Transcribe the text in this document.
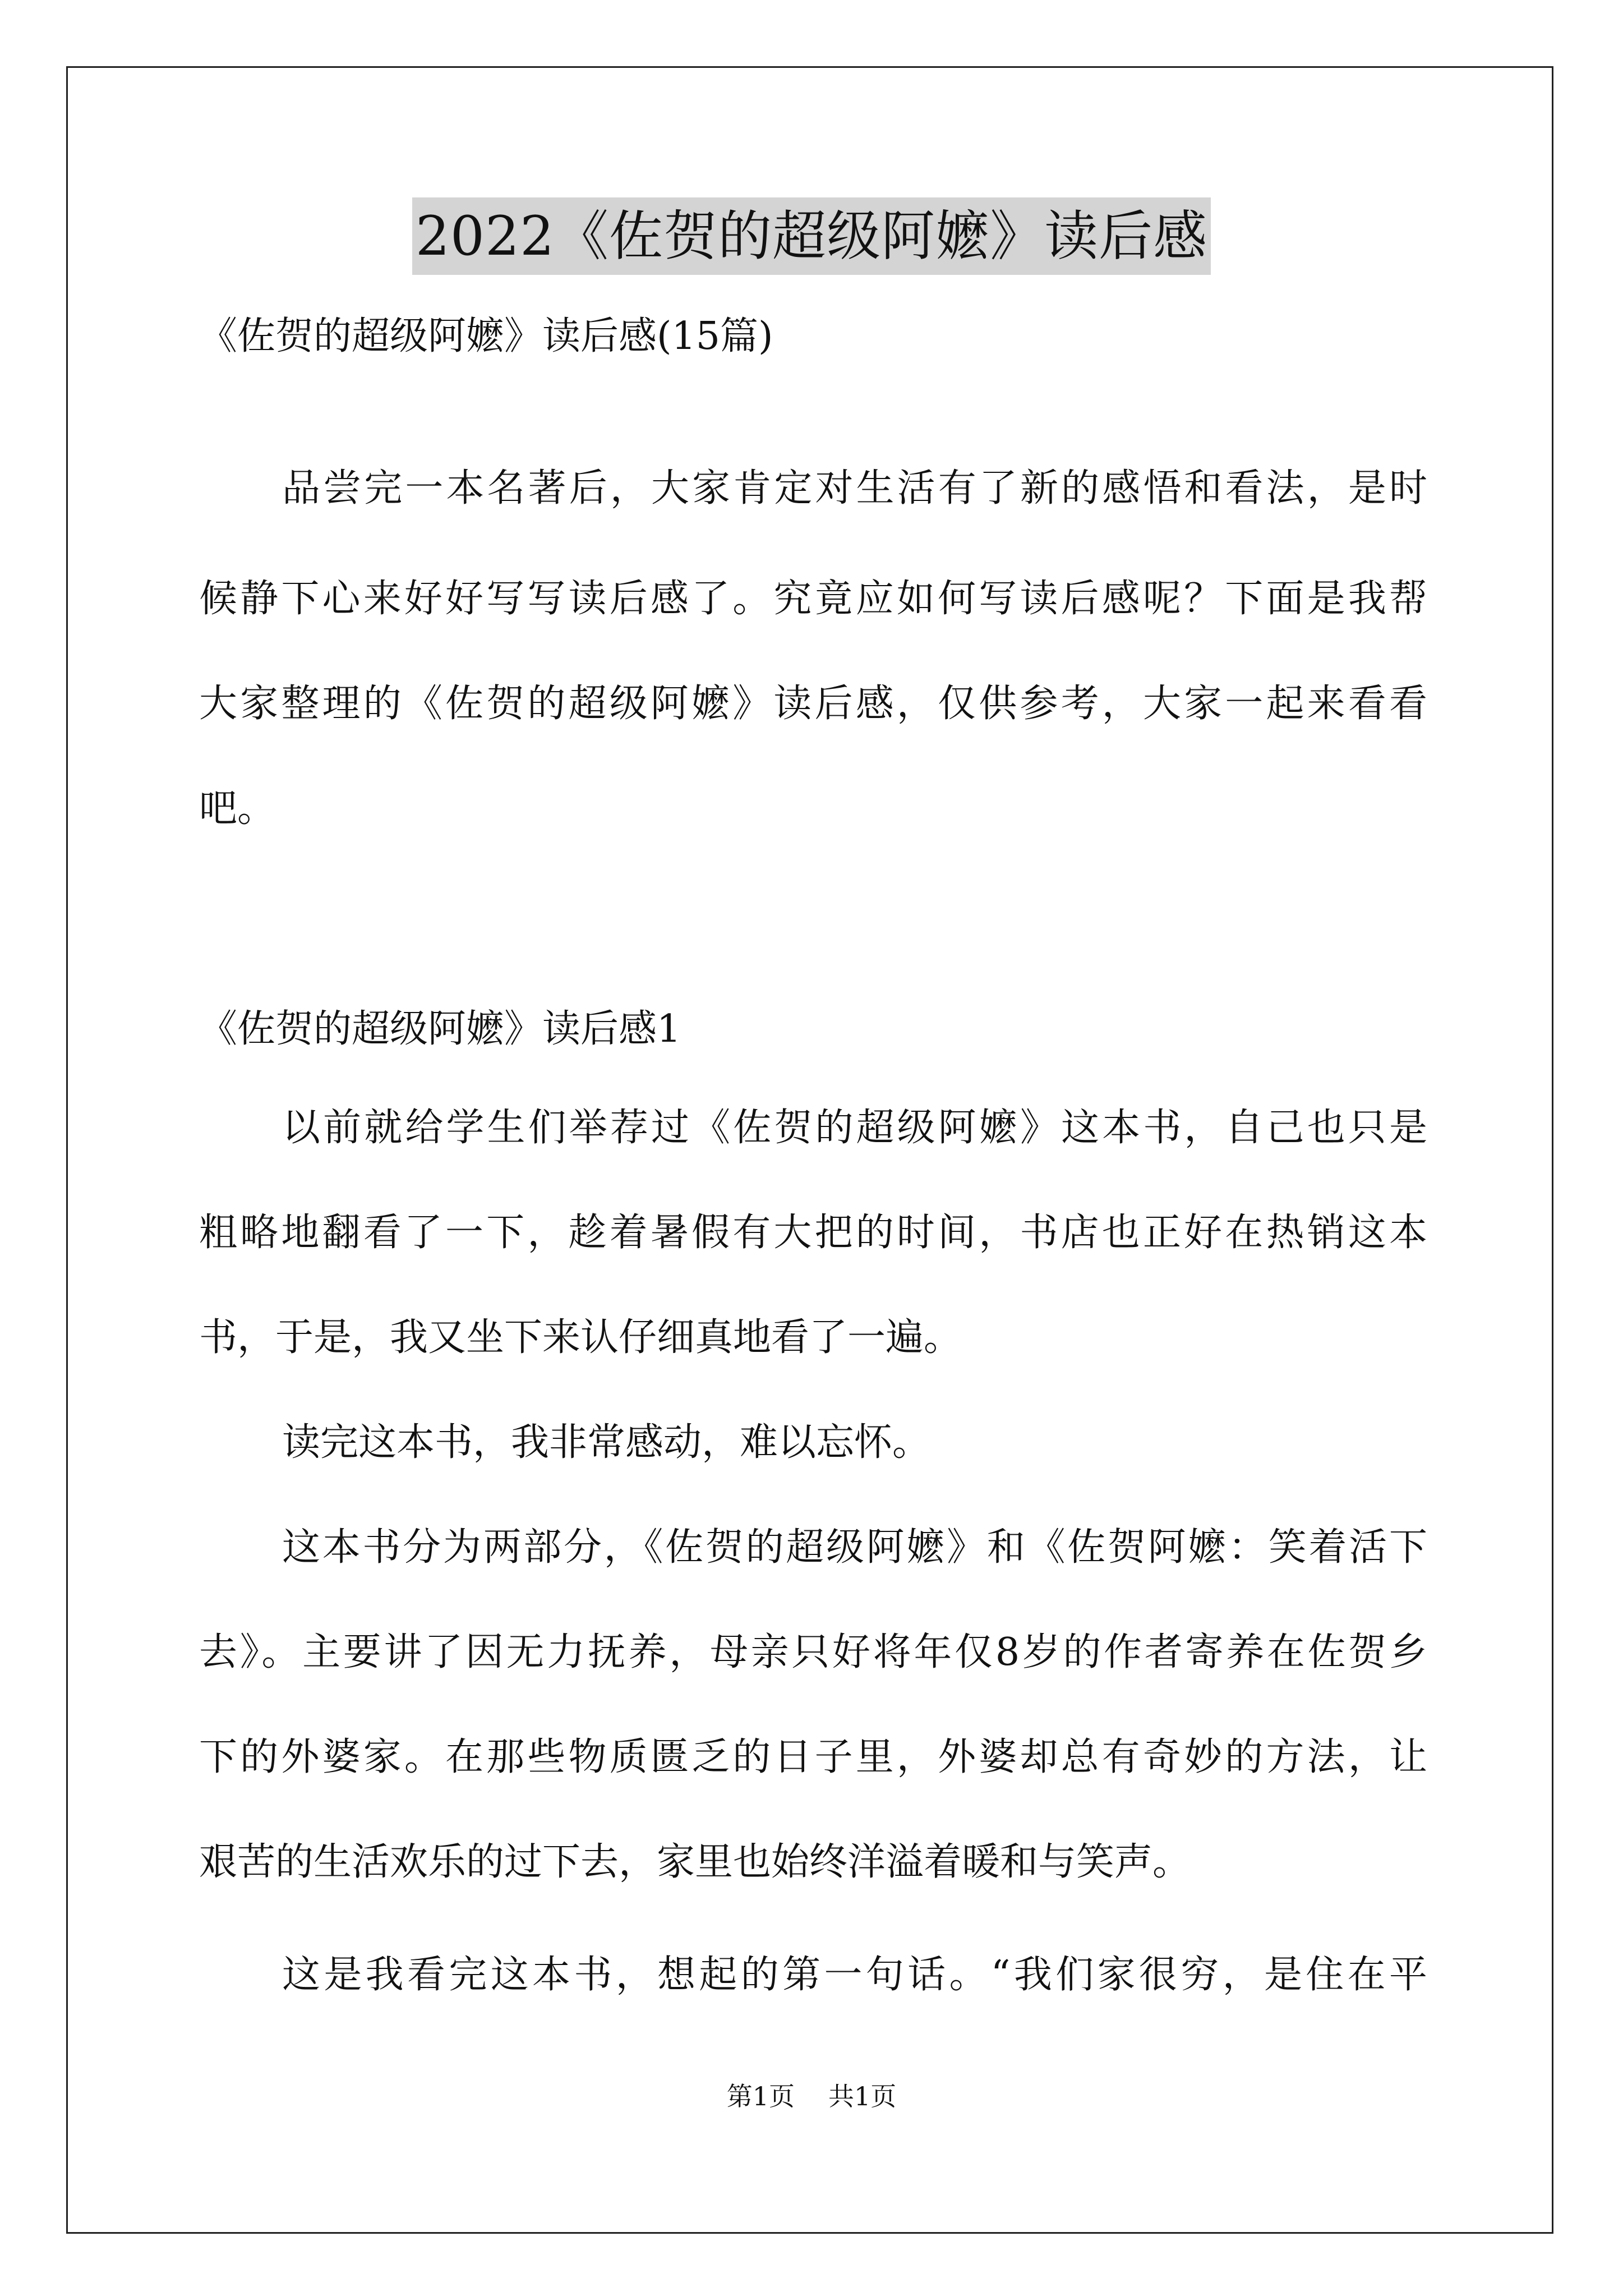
2022《佐贺的超级阿嬷》读后感

《佐贺的超级阿嬷》读后感(15篇)

品尝完一本名著后，大家肯定对生活有了新的感悟和看法，是时

候静下心来好好写写读后感了。究竟应如何写读后感呢？下面是我帮

大家整理的《佐贺的超级阿嬷》读后感，仅供参考，大家一起来看看

吧。

《佐贺的超级阿嬷》读后感1

以前就给学生们举荐过《佐贺的超级阿嬷》这本书，自己也只是

粗略地翻看了一下，趁着暑假有大把的时间，书店也正好在热销这本

书，于是，我又坐下来认仔细真地看了一遍。

读完这本书，我非常感动，难以忘怀。

这本书分为两部分，《佐贺的超级阿嬷》和《佐贺阿嬷：笑着活下

去》。主要讲了因无力抚养，母亲只好将年仅8岁的作者寄养在佐贺乡

下的外婆家。在那些物质匮乏的日子里，外婆却总有奇妙的方法，让

艰苦的生活欢乐的过下去，家里也始终洋溢着暖和与笑声。

这是我看完这本书，想起的第一句话。“我们家很穷，是住在平

第1页 共1页
